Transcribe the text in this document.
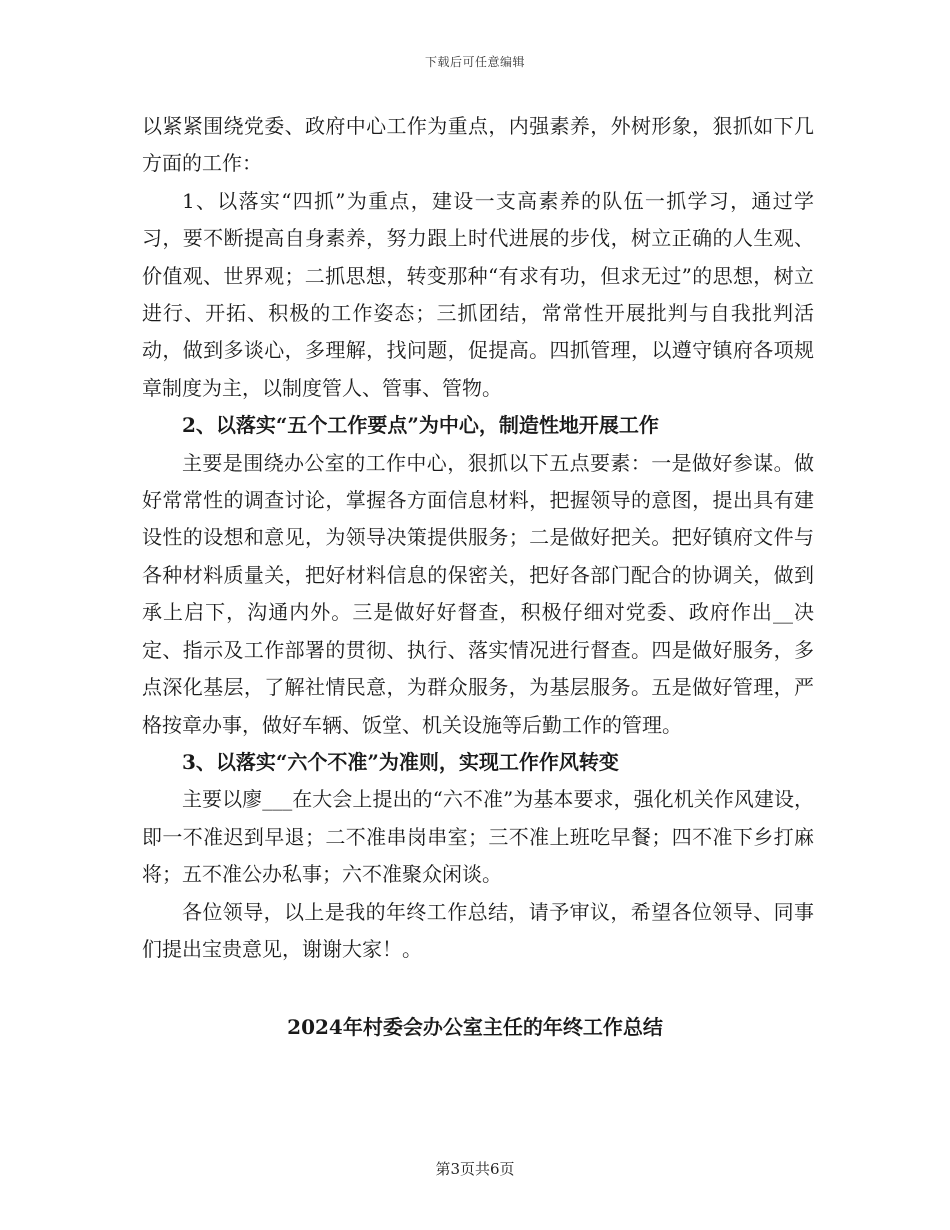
下载后可任意编辑

以紧紧围绕党委、政府中心工作为重点，内强素养，外树形象，狠抓如下几方面的工作：

1、以落实“四抓”为重点，建设一支高素养的队伍一抓学习，通过学习，要不断提高自身素养，努力跟上时代进展的步伐，树立正确的人生观、价值观、世界观；二抓思想，转变那种“有求有功，但求无过”的思想，树立进行、开拓、积极的工作姿态；三抓团结，常常性开展批判与自我批判活动，做到多谈心，多理解，找问题，促提高。四抓管理，以遵守镇府各项规章制度为主，以制度管人、管事、管物。

2、以落实“五个工作要点”为中心，制造性地开展工作

主要是围绕办公室的工作中心，狠抓以下五点要素：一是做好参谋。做好常常性的调查讨论，掌握各方面信息材料，把握领导的意图，提出具有建设性的设想和意见，为领导决策提供服务；二是做好把关。把好镇府文件与各种材料质量关，把好材料信息的保密关，把好各部门配合的协调关，做到承上启下，沟通内外。三是做好好督查，积极仔细对党委、政府作出__决定、指示及工作部署的贯彻、执行、落实情况进行督查。四是做好服务，多点深化基层，了解社情民意，为群众服务，为基层服务。五是做好管理，严格按章办事，做好车辆、饭堂、机关设施等后勤工作的管理。

3、以落实“六个不准”为准则，实现工作作风转变

主要以廖___在大会上提出的“六不准”为基本要求，强化机关作风建设，即一不准迟到早退；二不准串岗串室；三不准上班吃早餐；四不准下乡打麻将；五不准公办私事；六不准聚众闲谈。

各位领导，以上是我的年终工作总结，请予审议，希望各位领导、同事们提出宝贵意见，谢谢大家！。

2024年村委会办公室主任的年终工作总结
第3页共6页
